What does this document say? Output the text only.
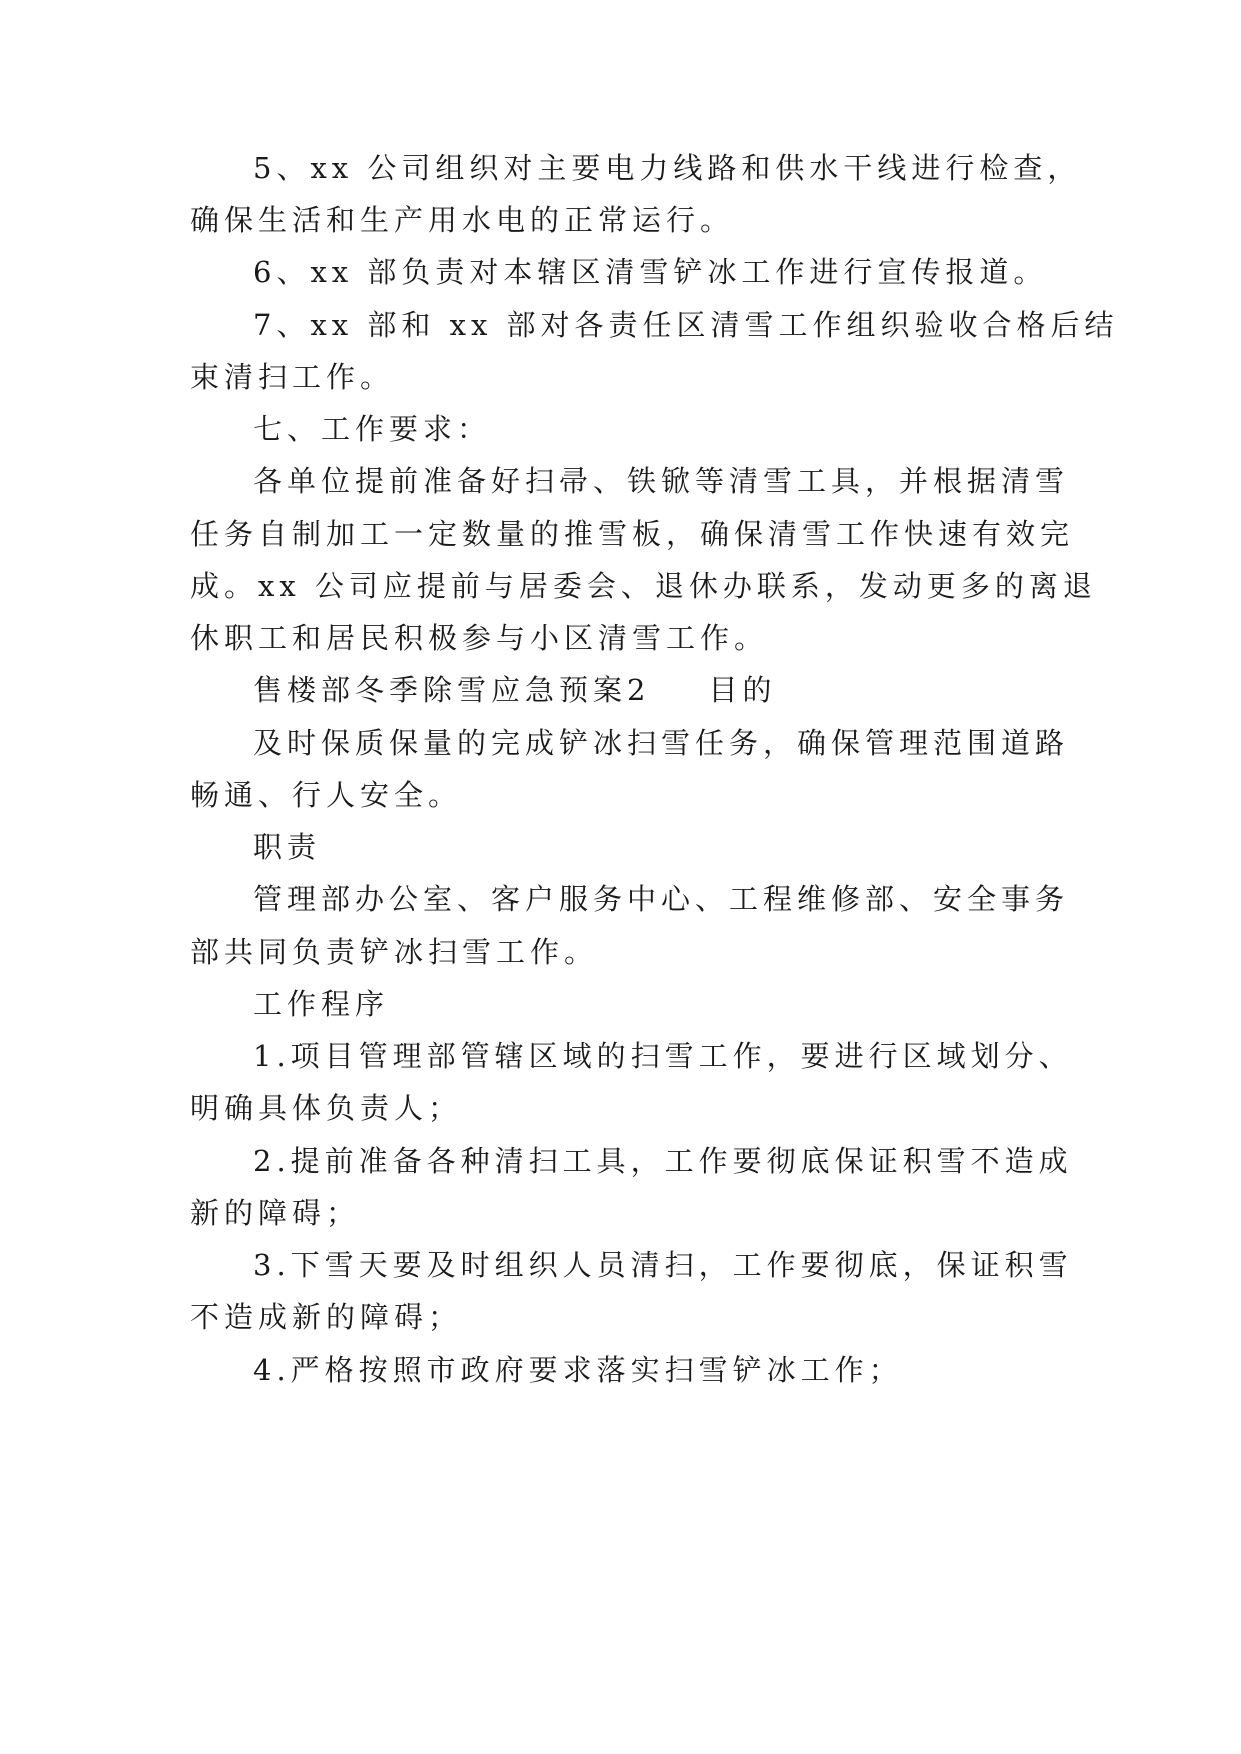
5、xx 公司组织对主要电力线路和供水干线进行检查，
确保生活和生产用水电的正常运行。
6、xx 部负责对本辖区清雪铲冰工作进行宣传报道。
7、xx 部和 xx 部对各责任区清雪工作组织验收合格后结
束清扫工作。
七、工作要求：
各单位提前准备好扫帚、铁锨等清雪工具，并根据清雪
任务自制加工一定数量的推雪板，确保清雪工作快速有效完
成。xx 公司应提前与居委会、退休办联系，发动更多的离退
休职工和居民积极参与小区清雪工作。
售楼部冬季除雪应急预案2 目的
及时保质保量的完成铲冰扫雪任务，确保管理范围道路
畅通、行人安全。
职责
管理部办公室、客户服务中心、工程维修部、安全事务
部共同负责铲冰扫雪工作。
工作程序
1.项目管理部管辖区域的扫雪工作，要进行区域划分、
明确具体负责人；
2.提前准备各种清扫工具，工作要彻底保证积雪不造成
新的障碍；
3.下雪天要及时组织人员清扫，工作要彻底，保证积雪
不造成新的障碍；
4.严格按照市政府要求落实扫雪铲冰工作；
